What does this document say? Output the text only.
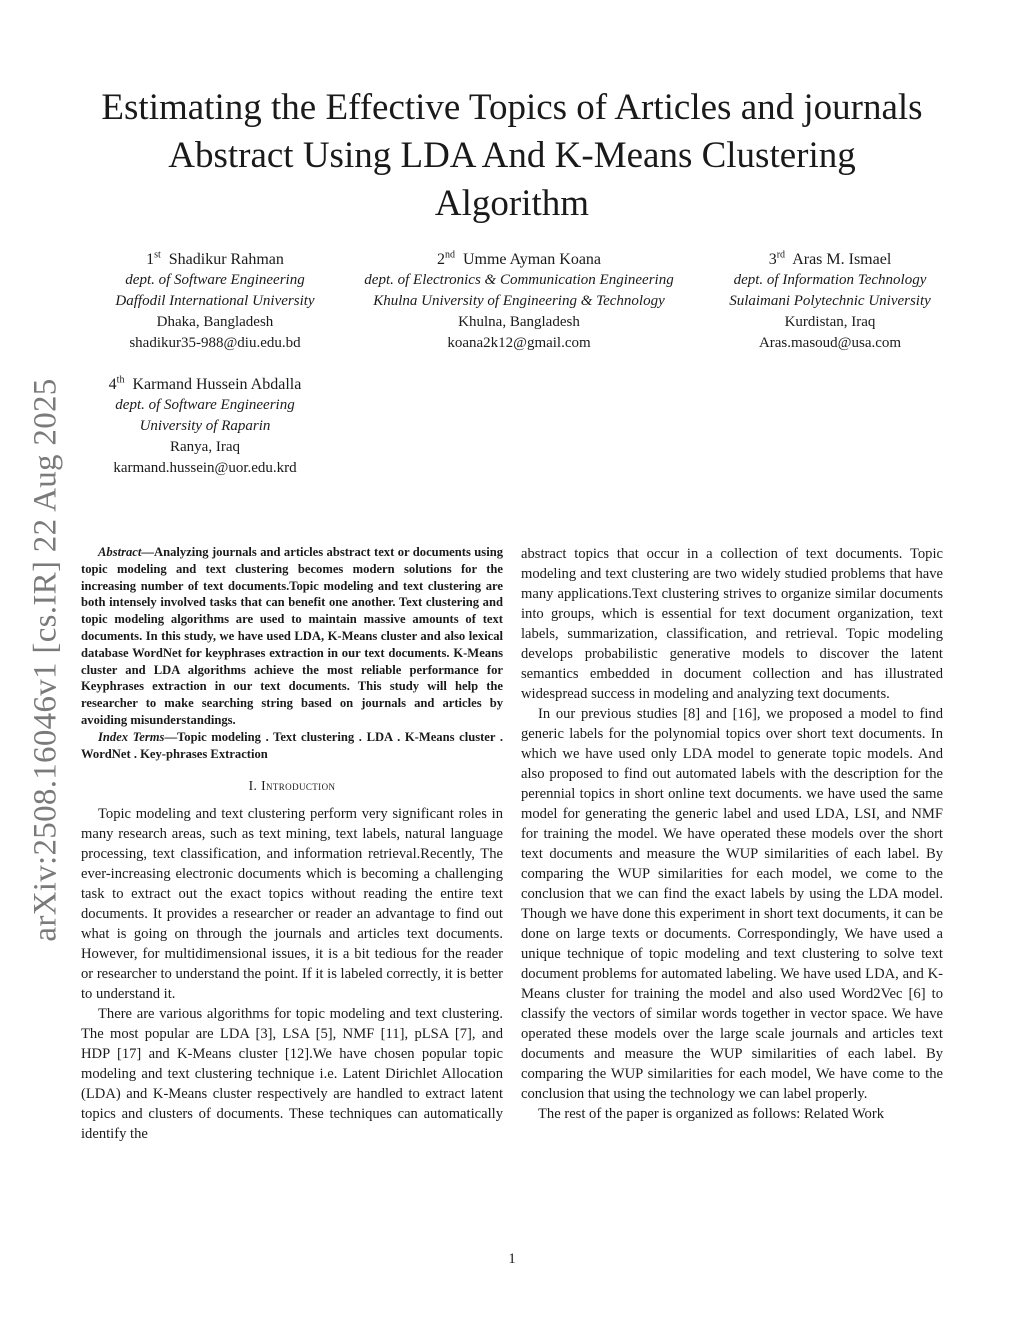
arXiv:2508.16046v1 [cs.IR] 22 Aug 2025
Estimating the Effective Topics of Articles and journals Abstract Using LDA And K-Means Clustering Algorithm
1st Shadikur Rahman
dept. of Software Engineering
Daffodil International University
Dhaka, Bangladesh
shadikur35-988@diu.edu.bd
2nd Umme Ayman Koana
dept. of Electronics & Communication Engineering
Khulna University of Engineering & Technology
Khulna, Bangladesh
koana2k12@gmail.com
3rd Aras M. Ismael
dept. of Information Technology
Sulaimani Polytechnic University
Kurdistan, Iraq
Aras.masoud@usa.com
4th Karmand Hussein Abdalla
dept. of Software Engineering
University of Raparin
Ranya, Iraq
karmand.hussein@uor.edu.krd

Abstract—Analyzing journals and articles abstract text or documents using topic modeling and text clustering becomes modern solutions for the increasing number of text documents.Topic modeling and text clustering are both intensely involved tasks that can benefit one another. Text clustering and topic modeling algorithms are used to maintain massive amounts of text documents. In this study, we have used LDA, K-Means cluster and also lexical database WordNet for keyphrases extraction in our text documents. K-Means cluster and LDA algorithms achieve the most reliable performance for Keyphrases extraction in our text documents. This study will help the researcher to make searching string based on journals and articles by avoiding misunderstandings.

Index Terms—Topic modeling . Text clustering . LDA . K-Means cluster . WordNet . Key-phrases Extraction

I. Introduction

Topic modeling and text clustering perform very significant roles in many research areas, such as text mining, text labels, natural language processing, text classification, and information retrieval.Recently, The ever-increasing electronic documents which is becoming a challenging task to extract out the exact topics without reading the entire text documents. It provides a researcher or reader an advantage to find out what is going on through the journals and articles text documents. However, for multidimensional issues, it is a bit tedious for the reader or researcher to understand the point. If it is labeled correctly, it is better to understand it.

There are various algorithms for topic modeling and text clustering. The most popular are LDA [3], LSA [5], NMF [11], pLSA [7], and HDP [17] and K-Means cluster [12].We have chosen popular topic modeling and text clustering technique i.e. Latent Dirichlet Allocation (LDA) and K-Means cluster respectively are handled to extract latent topics and clusters of documents. These techniques can automatically identify the

abstract topics that occur in a collection of text documents. Topic modeling and text clustering are two widely studied problems that have many applications.Text clustering strives to organize similar documents into groups, which is essential for text document organization, text labels, summarization, classification, and retrieval. Topic modeling develops probabilistic generative models to discover the latent semantics embedded in document collection and has illustrated widespread success in modeling and analyzing text documents.

In our previous studies [8] and [16], we proposed a model to find generic labels for the polynomial topics over short text documents. In which we have used only LDA model to generate topic models. And also proposed to find out automated labels with the description for the perennial topics in short online text documents. we have used the same model for generating the generic label and used LDA, LSI, and NMF for training the model. We have operated these models over the short text documents and measure the WUP similarities of each label. By comparing the WUP similarities for each model, we come to the conclusion that we can find the exact labels by using the LDA model. Though we have done this experiment in short text documents, it can be done on large texts or documents. Correspondingly, We have used a unique technique of topic modeling and text clustering to solve text document problems for automated labeling. We have used LDA, and K-Means cluster for training the model and also used Word2Vec [6] to classify the vectors of similar words together in vector space. We have operated these models over the large scale journals and articles text documents and measure the WUP similarities of each label. By comparing the WUP similarities for each model, We have come to the conclusion that using the technology we can label properly.

The rest of the paper is organized as follows: Related Work

1
